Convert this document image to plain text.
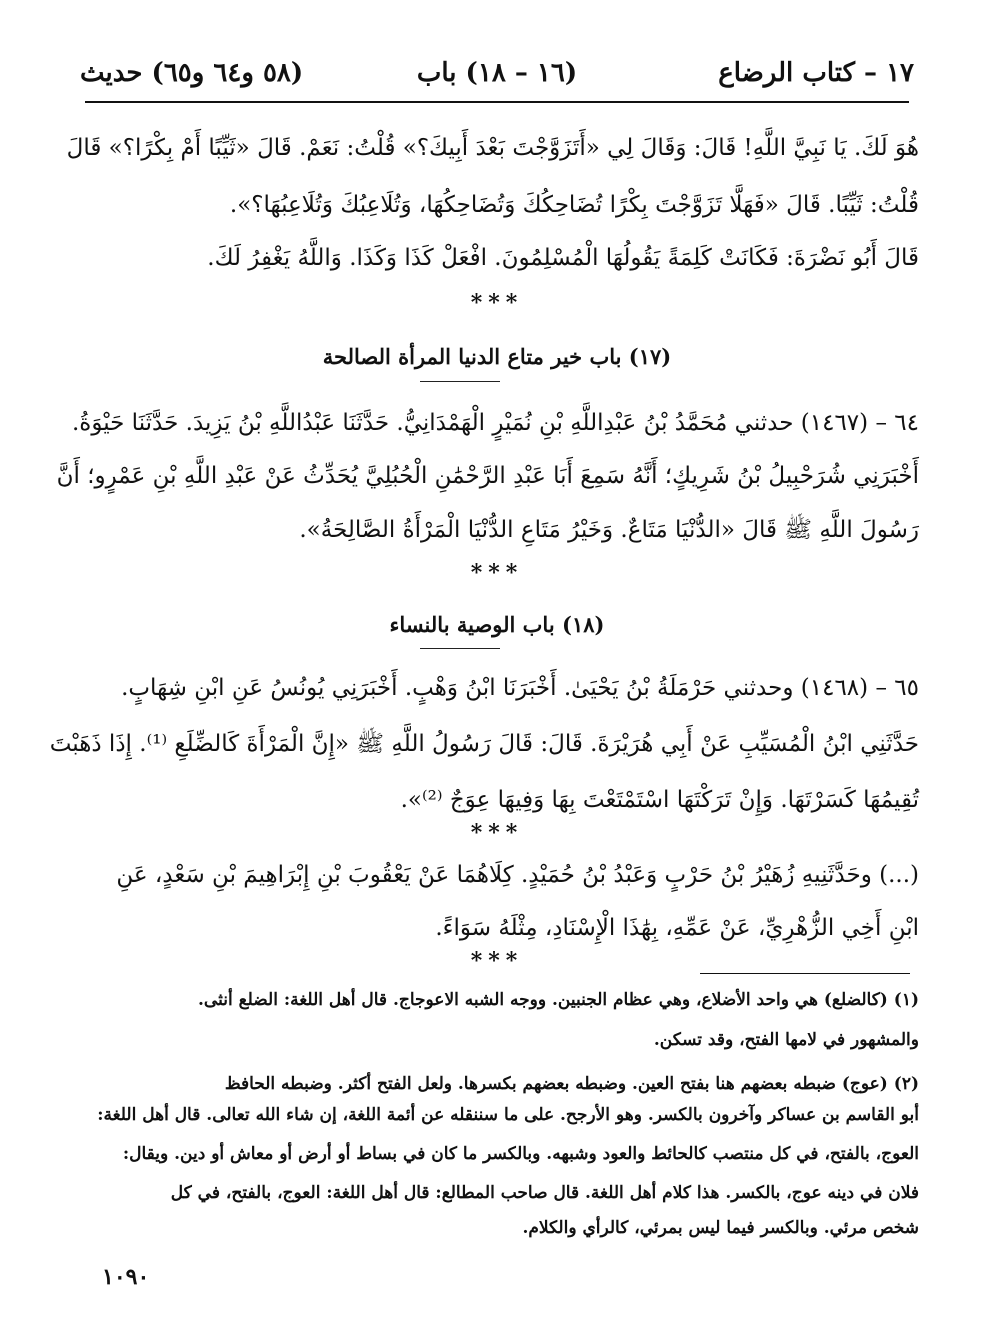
١٧ – كتاب الرضاع
(١٦ – ١٨) باب
(٥٨ و٦٤ و٦٥) حديث
هُوَ لَكَ. يَا نَبِيَّ اللَّهِ! قَالَ: وَقَالَ لِي «أَتَزَوَّجْتَ بَعْدَ أَبِيكَ؟» قُلْتُ: نَعَمْ. قَالَ «ثَيِّبًا أَمْ بِكْرًا؟» قَالَ
قُلْتُ: ثَيِّبًا. قَالَ «فَهَلَّا تَزَوَّجْتَ بِكْرًا تُضَاحِكُكَ وَتُضَاحِكُهَا، وَتُلَاعِبُكَ وَتُلَاعِبُهَا؟».
قَالَ أَبُو نَضْرَةَ: فَكَانَتْ كَلِمَةً يَقُولُهَا الْمُسْلِمُونَ. افْعَلْ كَذَا وَكَذَا. وَاللَّهُ يَغْفِرُ لَكَ.
***
(١٧) باب خير متاع الدنيا المرأة الصالحة
٦٤ – (١٤٦٧) حدثني مُحَمَّدُ بْنُ عَبْدِاللَّهِ بْنِ نُمَيْرٍ الْهَمْدَانِيُّ. حَدَّثَنَا عَبْدُاللَّهِ بْنُ يَزِيدَ. حَدَّثَنَا حَيْوَةُ.
أَخْبَرَنِي شُرَحْبِيلُ بْنُ شَرِيكٍ؛ أَنَّهُ سَمِعَ أَبَا عَبْدِ الرَّحْمَٰنِ الْحُبُلِيَّ يُحَدِّثُ عَنْ عَبْدِ اللَّهِ بْنِ عَمْرٍو؛ أَنَّ
رَسُولَ اللَّهِ ﷺ قَالَ «الدُّنْيَا مَتَاعٌ. وَخَيْرُ مَتَاعِ الدُّنْيَا الْمَرْأَةُ الصَّالِحَةُ».
***
(١٨) باب الوصية بالنساء
٦٥ – (١٤٦٨) وحدثني حَرْمَلَةُ بْنُ يَحْيَىٰ. أَخْبَرَنَا ابْنُ وَهْبٍ. أَخْبَرَنِي يُونُسُ عَنِ ابْنِ شِهَابٍ.
حَدَّثَنِي ابْنُ الْمُسَيِّبِ عَنْ أَبِي هُرَيْرَةَ. قَالَ: قَالَ رَسُولُ اللَّهِ ﷺ «إِنَّ الْمَرْأَةَ كَالضِّلَعِ ⁽¹⁾. إِذَا ذَهَبْتَ
تُقِيمُهَا كَسَرْتَهَا. وَإِنْ تَرَكْتَهَا اسْتَمْتَعْتَ بِهَا وَفِيهَا عِوَجٌ ⁽²⁾».
***
(...) وحَدَّثَنِيهِ زُهَيْرُ بْنُ حَرْبٍ وَعَبْدُ بْنُ حُمَيْدٍ. كِلَاهُمَا عَنْ يَعْقُوبَ بْنِ إِبْرَاهِيمَ بْنِ سَعْدٍ، عَنِ
ابْنِ أَخِي الزُّهْرِيِّ، عَنْ عَمِّهِ، بِهَٰذَا الْإِسْنَادِ، مِثْلَهُ سَوَاءً.
***
(١) (كالضلع) هي واحد الأضلاع، وهي عظام الجنبين. ووجه الشبه الاعوجاج. قال أهل اللغة: الضلع أنثى.
والمشهور في لامها الفتح، وقد تسكن.
(٢) (عوج) ضبطه بعضهم هنا بفتح العين. وضبطه بعضهم بكسرها. ولعل الفتح أكثر. وضبطه الحافظ
أبو القاسم بن عساكر وآخرون بالكسر. وهو الأرجح. على ما سننقله عن أئمة اللغة، إن شاء الله تعالى. قال أهل اللغة:
العوج، بالفتح، في كل منتصب كالحائط والعود وشبهه. وبالكسر ما كان في بساط أو أرض أو معاش أو دين. ويقال:
فلان في دينه عوج، بالكسر. هذا كلام أهل اللغة. قال صاحب المطالع: قال أهل اللغة: العوج، بالفتح، في كل
شخص مرئي. وبالكسر فيما ليس بمرئي، كالرأي والكلام.
١٠٩٠
